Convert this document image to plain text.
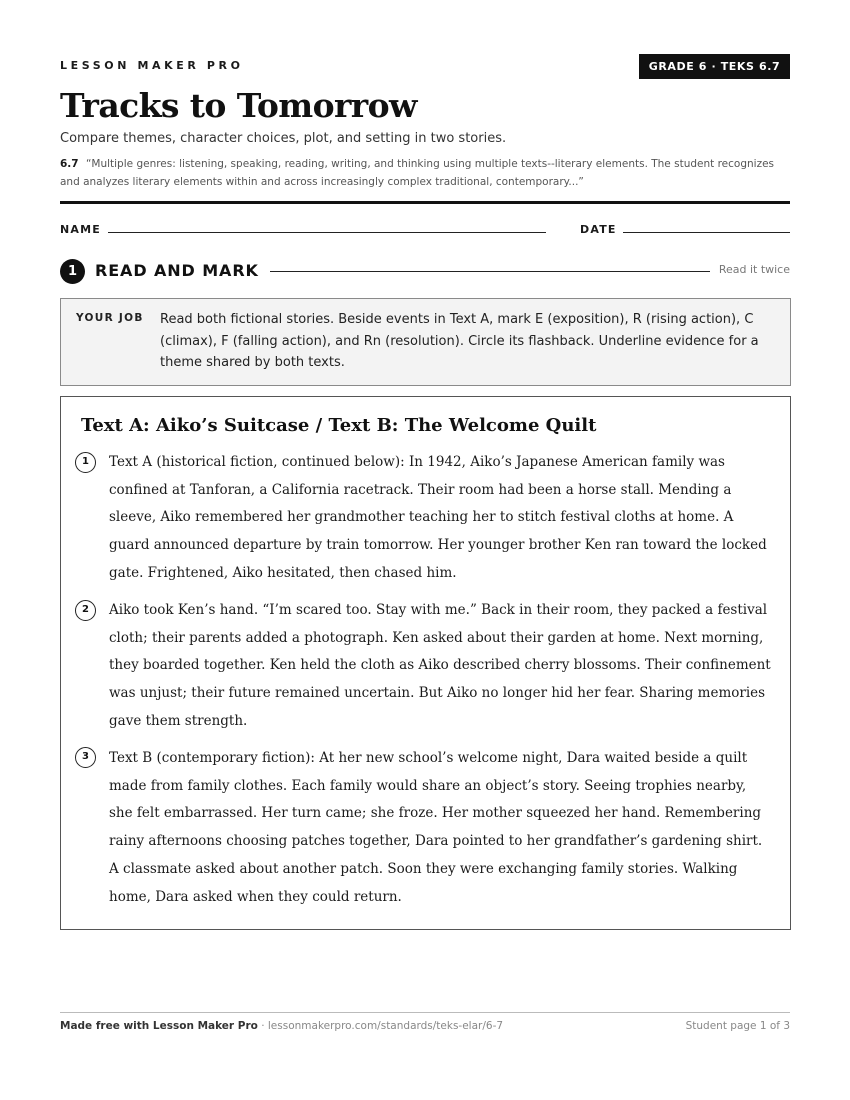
LESSON MAKER PRO	GRADE 6 · TEKS 6.7
Tracks to Tomorrow
Compare themes, character choices, plot, and setting in two stories.
6.7 “Multiple genres: listening, speaking, reading, writing, and thinking using multiple texts--literary elements. The student recognizes and analyzes literary elements within and across increasingly complex traditional, contemporary...”
NAME	DATE
1	READ AND MARK	Read it twice
YOUR JOB Read both fictional stories. Beside events in Text A, mark E (exposition), R (rising action), C (climax), F (falling action), and Rn (resolution). Circle its flashback. Underline evidence for a theme shared by both texts.
Text A: Aiko’s Suitcase / Text B: The Welcome Quilt
1	Text A (historical fiction, continued below): In 1942, Aiko’s Japanese American family was confined at Tanforan, a California racetrack. Their room had been a horse stall. Mending a sleeve, Aiko remembered her grandmother teaching her to stitch festival cloths at home. A guard announced departure by train tomorrow. Her younger brother Ken ran toward the locked gate. Frightened, Aiko hesitated, then chased him.
2	Aiko took Ken’s hand. “I’m scared too. Stay with me.” Back in their room, they packed a festival cloth; their parents added a photograph. Ken asked about their garden at home. Next morning, they boarded together. Ken held the cloth as Aiko described cherry blossoms. Their confinement was unjust; their future remained uncertain. But Aiko no longer hid her fear. Sharing memories gave them strength.
3	Text B (contemporary fiction): At her new school’s welcome night, Dara waited beside a quilt made from family clothes. Each family would share an object’s story. Seeing trophies nearby, she felt embarrassed. Her turn came; she froze. Her mother squeezed her hand. Remembering rainy afternoons choosing patches together, Dara pointed to her grandfather’s gardening shirt. A classmate asked about another patch. Soon they were exchanging family stories. Walking home, Dara asked when they could return.
Made free with Lesson Maker Pro · lessonmakerpro.com/standards/teks-elar/6-7	Student page 1 of 3
